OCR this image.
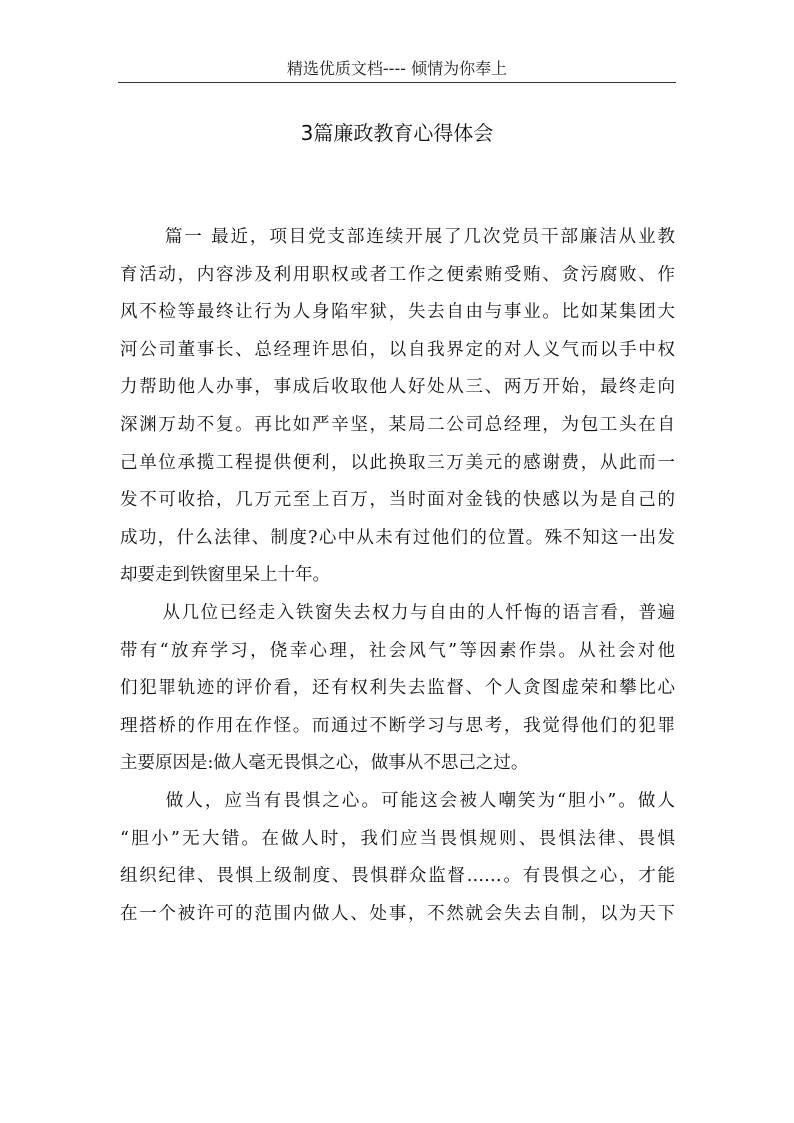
精选优质文档---- 倾情为你奉上
3篇廉政教育心得体会
篇一 最近，项目党支部连续开展了几次党员干部廉洁从业教
育活动，内容涉及利用职权或者工作之便索贿受贿、贪污腐败、作
风不检等最终让行为人身陷牢狱，失去自由与事业。比如某集团大
河公司董事长、总经理许思伯，以自我界定的对人义气而以手中权
力帮助他人办事，事成后收取他人好处从三、两万开始，最终走向
深渊万劫不复。再比如严辛坚，某局二公司总经理，为包工头在自
己单位承揽工程提供便利，以此换取三万美元的感谢费，从此而一
发不可收拾，几万元至上百万，当时面对金钱的快感以为是自己的
成功，什么法律、制度?心中从未有过他们的位置。殊不知这一出发
却要走到铁窗里呆上十年。
从几位已经走入铁窗失去权力与自由的人忏悔的语言看，普遍
带有“放弃学习，侥幸心理，社会风气”等因素作祟。从社会对他
们犯罪轨迹的评价看，还有权利失去监督、个人贪图虚荣和攀比心
理搭桥的作用在作怪。而通过不断学习与思考，我觉得他们的犯罪
主要原因是:做人毫无畏惧之心，做事从不思己之过。
做人，应当有畏惧之心。可能这会被人嘲笑为“胆小”。做人
“胆小”无大错。在做人时，我们应当畏惧规则、畏惧法律、畏惧
组织纪律、畏惧上级制度、畏惧群众监督……。有畏惧之心，才能
在一个被许可的范围内做人、处事，不然就会失去自制，以为天下
